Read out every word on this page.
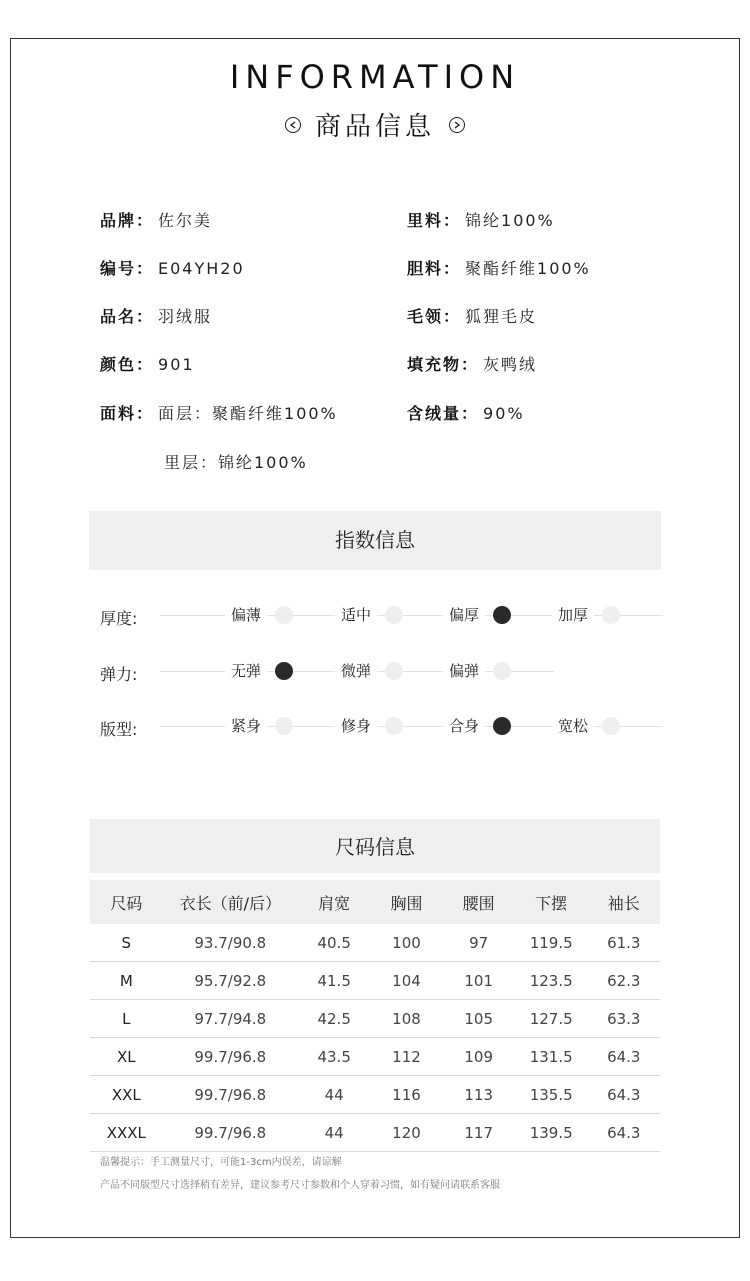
INFORMATION
商品信息
品牌： 佐尔美	里料： 锦纶100%
编号： E04YH20	胆料： 聚酯纤维100%
品名： 羽绒服	毛领： 狐狸毛皮
颜色： 901	填充物： 灰鸭绒
面料： 面层：聚酯纤维100%
里层：锦纶100%
含绒量： 90%
指数信息
厚度:	偏薄	适中	偏厚	加厚
弹力:	无弹	微弹	偏弹
版型:	紧身	修身	合身	宽松
尺码信息
尺码	衣长（前/后）	肩宽	胸围	腰围	下摆	袖长
S	93.7/90.8	40.5	100	97	119.5	61.3
M	95.7/92.8	41.5	104	101	123.5	62.3
L	97.7/94.8	42.5	108	105	127.5	63.3
XL	99.7/96.8	43.5	112	109	131.5	64.3
XXL	99.7/96.8	44	116	113	135.5	64.3
XXXL	99.7/96.8	44	120	117	139.5	64.3
温馨提示：手工测量尺寸，可能1-3cm内误差，请谅解
产品不同版型尺寸选择稍有差异，建议参考尺寸参数和个人穿着习惯，如有疑问请联系客服
